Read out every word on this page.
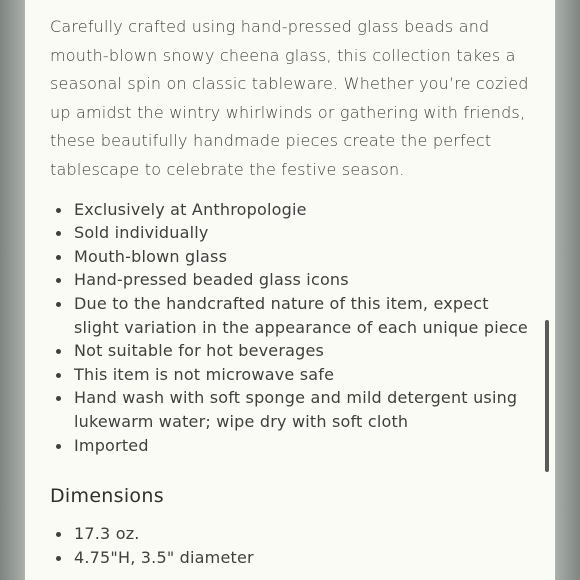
Carefully crafted using hand-pressed glass beads and mouth-blown snowy cheena glass, this collection takes a seasonal spin on classic tableware. Whether you’re cozied up amidst the wintry whirlwinds or gathering with friends, these beautifully handmade pieces create the perfect tablescape to celebrate the festive season.

Exclusively at Anthropologie
Sold individually
Mouth-blown glass
Hand-pressed beaded glass icons
Due to the handcrafted nature of this item, expect slight variation in the appearance of each unique piece
Not suitable for hot beverages
This item is not microwave safe
Hand wash with soft sponge and mild detergent using lukewarm water; wipe dry with soft cloth
Imported
Dimensions
17.3 oz.
4.75"H, 3.5" diameter
